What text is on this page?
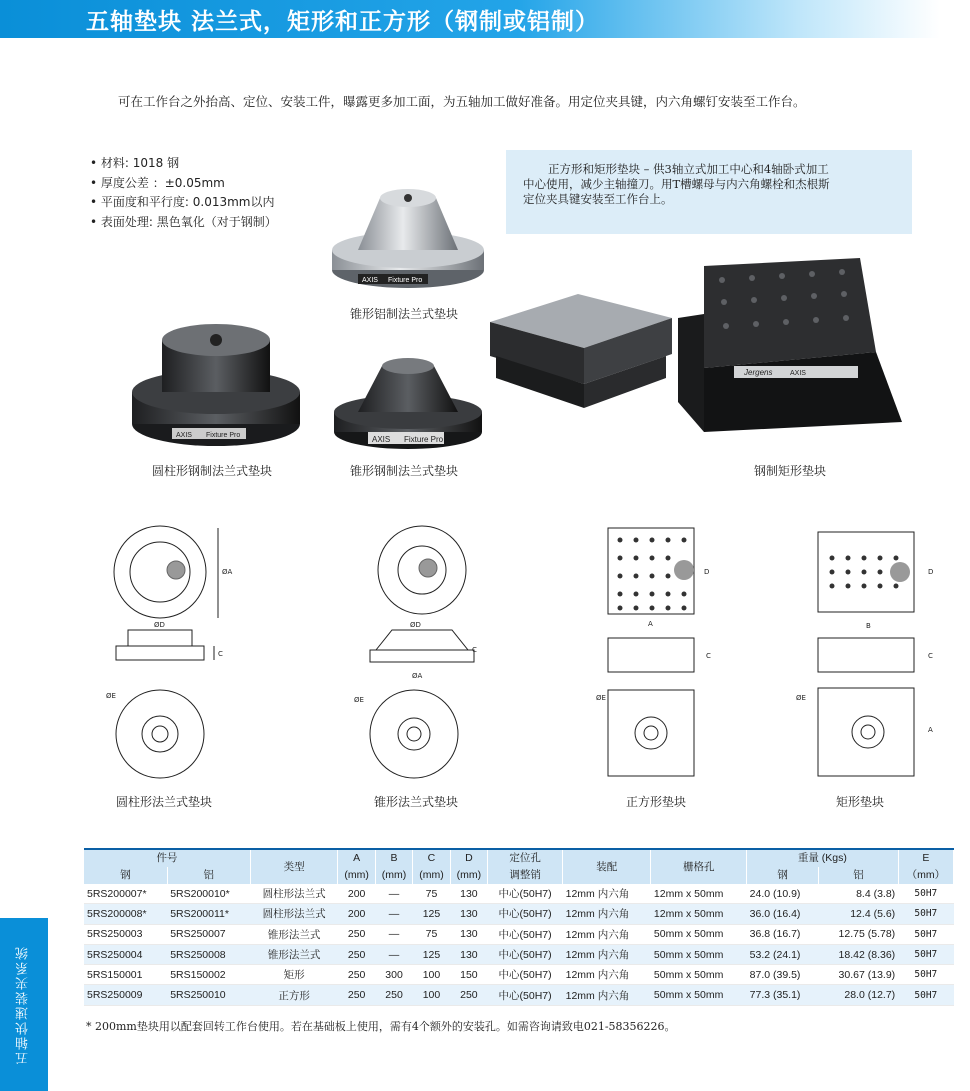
五轴垫块 法兰式，矩形和正方形（钢制或铝制）
可在工作台之外抬高、定位、安装工件，曝露更多加工面，为五轴加工做好准备。用定位夹具键，内六角螺钉安装至工作台。
• 材料: 1018 钢
• 厚度公差 ：±0.05mm
• 平面度和平行度: 0.013mm以内
• 表面处理: 黑色氧化（对于钢制）
正方形和矩形垫块 – 供3轴立式加工中心和4轴卧式加工
中心使用，减少主轴撞刀。用T槽螺母与内六角螺栓和杰根斯
定位夹具键安装至工作台上。
AXIS Fixture Pro
锥形铝制法兰式垫块
AXIS Fixture Pro
圆柱形钢制法兰式垫块
AXIS Fixture Pro
锥形钢制法兰式垫块
Jergens	AXIS
钢制矩形垫块
ØA
ØD
ØE
C
圆柱形法兰式垫块
ØD
ØA
ØE
C
锥形法兰式垫块
A
D
C
ØE
正方形垫块
B
D
C
A
ØE
矩形垫块
件号		类型	A	B	C	D	定位孔	装配	栅格孔	重量 (Kgs)		E
钢	铝		(mm)	(mm)	(mm)	(mm)	调整销			钢	铝	（mm）
5RS200007*	5RS200010*	圆柱形法兰式	200	—	75	130	中心(50H7)	12mm 内六角	12mm x 50mm	24.0 (10.9)	8.4 (3.8)	50H7
5RS200008*	5RS200011*	圆柱形法兰式	200	—	125	130	中心(50H7)	12mm 内六角	12mm x 50mm	36.0 (16.4)	12.4 (5.6)	50H7
5RS250003	5RS250007	锥形法兰式	250	—	75	130	中心(50H7)	12mm 内六角	50mm x 50mm	36.8 (16.7)	12.75 (5.78)	50H7
5RS250004	5RS250008	锥形法兰式	250	—	125	130	中心(50H7)	12mm 内六角	50mm x 50mm	53.2 (24.1)	18.42 (8.36)	50H7
5RS150001	5RS150002	矩形	250	300	100	150	中心(50H7)	12mm 内六角	50mm x 50mm	87.0 (39.5)	30.67 (13.9)	50H7
5RS250009	5RS250010	正方形	250	250	100	250	中心(50H7)	12mm 内六角	50mm x 50mm	77.3 (35.1)	28.0 (12.7)	50H7
* 200mm垫块用以配套回转工作台使用。若在基础板上使用，需有4个额外的安装孔。如需咨询请致电021-58356226。
五轴快速装夹系统
